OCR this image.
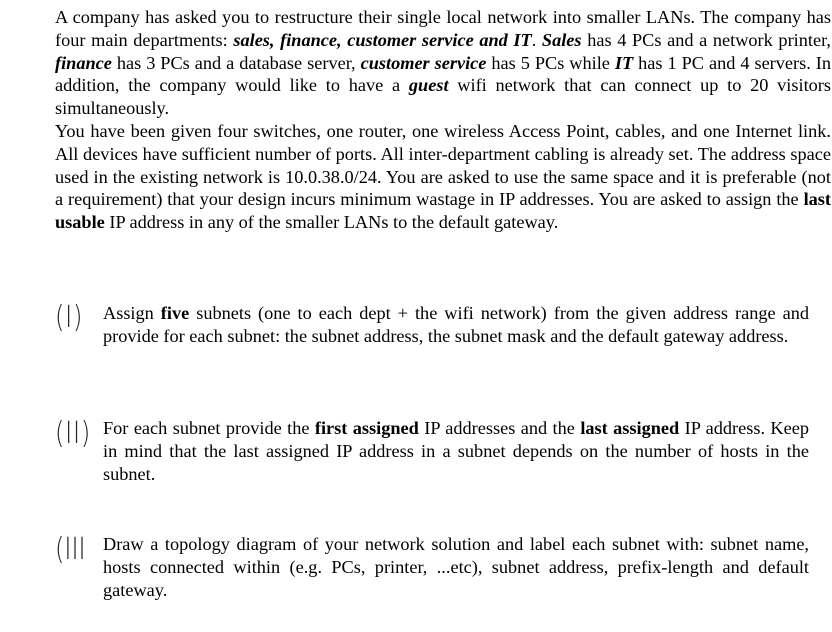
A company has asked you to restructure their single local network into smaller LANs. The company has four main departments: sales, finance, customer service and IT. Sales has 4 PCs and a network printer, finance has 3 PCs and a database server, customer service has 5 PCs while IT has 1 PC and 4 servers. In addition, the company would like to have a guest wifi network that can connect up to 20 visitors simultaneously.

You have been given four switches, one router, one wireless Access Point, cables, and one Internet link. All devices have sufficient number of ports. All inter-department cabling is already set. The address space used in the existing network is 10.0.38.0/24. You are asked to use the same space and it is preferable (not a requirement) that your design incurs minimum wastage in IP addresses. You are asked to assign the last usable IP address in any of the smaller LANs to the default gateway.

(I) Assign five subnets (one to each dept + the wifi network) from the given address range and provide for each subnet: the subnet address, the subnet mask and the default gateway address.
(II) For each subnet provide the first assigned IP addresses and the last assigned IP address. Keep in mind that the last assigned IP address in a subnet depends on the number of hosts in the subnet.
(III Draw a topology diagram of your network solution and label each subnet with: subnet name, hosts connected within (e.g. PCs, printer, ...etc), subnet address, prefix-length and default gateway.
